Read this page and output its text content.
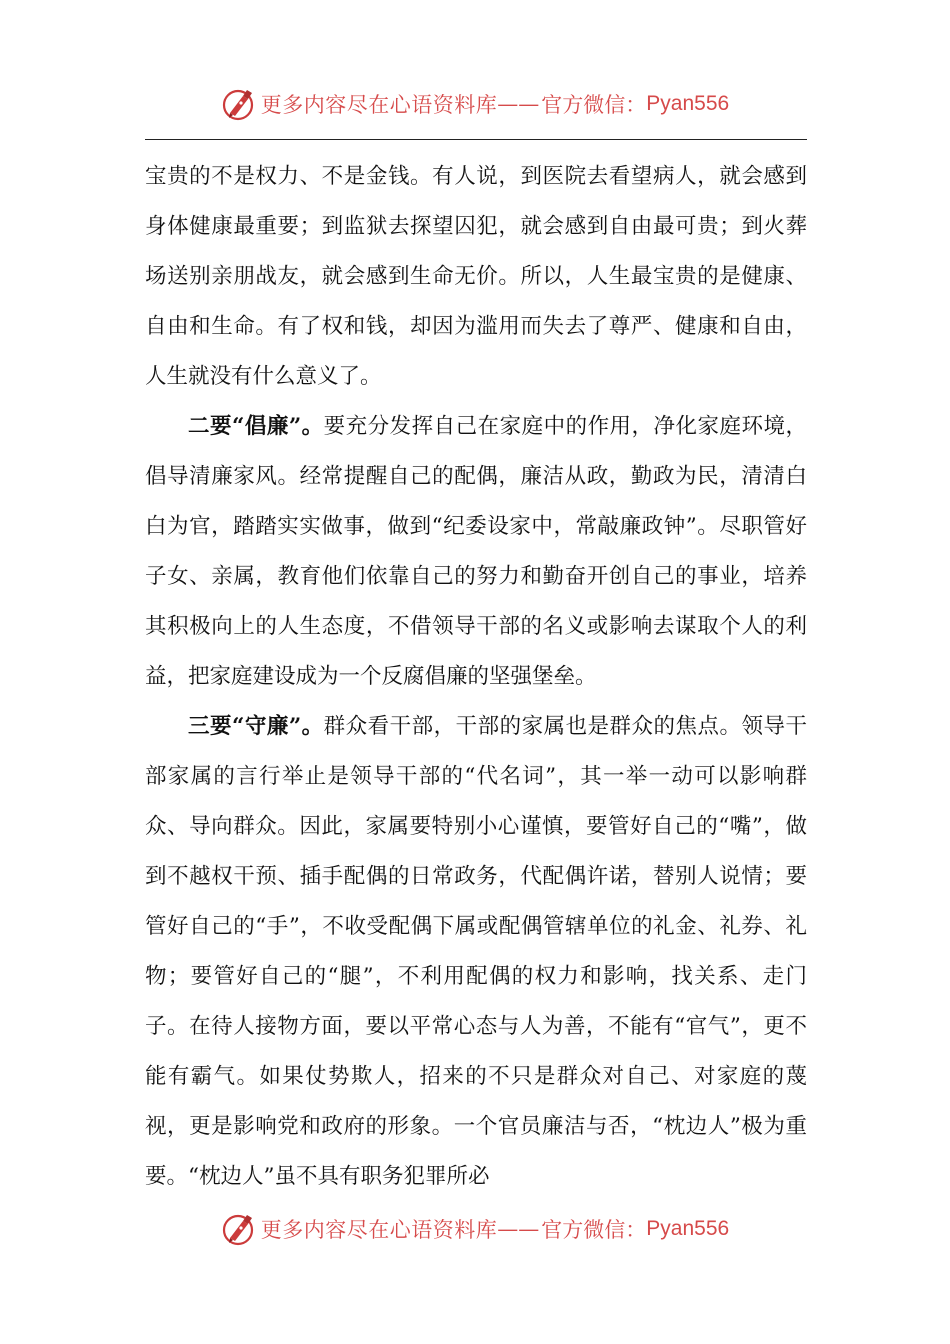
更多内容尽在心语资料库 —— 官方微信： Pyan556

宝贵的不是权力、不是金钱。有人说，到医院去看望病人，就会感到身体健康最重要；到监狱去探望囚犯，就会感到自由最可贵；到火葬场送别亲朋战友，就会感到生命无价。所以，人生最宝贵的是健康、自由和生命。有了权和钱，却因为滥用而失去了尊严、健康和自由，人生就没有什么意义了。

二要“倡廉”。要充分发挥自己在家庭中的作用，净化家庭环境，倡导清廉家风。经常提醒自己的配偶，廉洁从政，勤政为民，清清白白为官，踏踏实实做事，做到“纪委设家中，常敲廉政钟”。尽职管好子女、亲属，教育他们依靠自己的努力和勤奋开创自己的事业，培养其积极向上的人生态度，不借领导干部的名义或影响去谋取个人的利益，把家庭建设成为一个反腐倡廉的坚强堡垒。

三要“守廉”。群众看干部，干部的家属也是群众的焦点。领导干部家属的言行举止是领导干部的“代名词”，其一举一动可以影响群众、导向群众。因此，家属要特别小心谨慎，要管好自己的“嘴”，做到不越权干预、插手配偶的日常政务，代配偶许诺，替别人说情；要管好自己的“手”，不收受配偶下属或配偶管辖单位的礼金、礼券、礼物；要管好自己的“腿”，不利用配偶的权力和影响，找关系、走门子。在待人接物方面，要以平常心态与人为善，不能有“官气”，更不能有霸气。如果仗势欺人，招来的不只是群众对自己、对家庭的蔑视，更是影响党和政府的形象。一个官员廉洁与否，“枕边人”极为重要。“枕边人”虽不具有职务犯罪所必

更多内容尽在心语资料库 —— 官方微信： Pyan556
